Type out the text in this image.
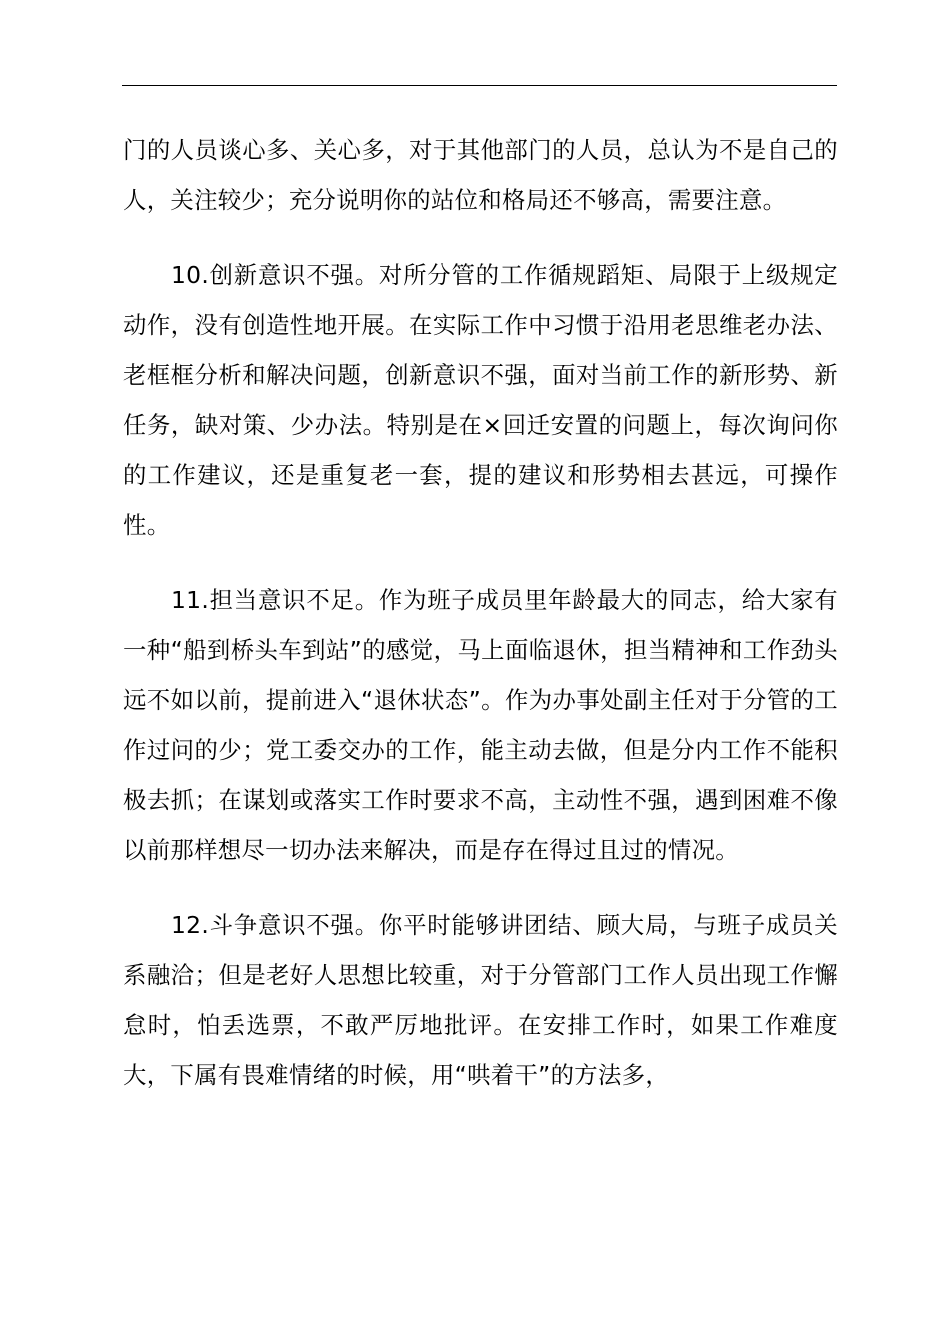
门的人员谈心多、关心多，对于其他部门的人员，总认为不是自己的人，关注较少；充分说明你的站位和格局还不够高，需要注意。

10.创新意识不强。对所分管的工作循规蹈矩、局限于上级规定动作，没有创造性地开展。在实际工作中习惯于沿用老思维老办法、老框框分析和解决问题，创新意识不强，面对当前工作的新形势、新任务，缺对策、少办法。特别是在×回迁安置的问题上，每次询问你的工作建议，还是重复老一套，提的建议和形势相去甚远，可操作性。

11.担当意识不足。作为班子成员里年龄最大的同志，给大家有一种“船到桥头车到站”的感觉，马上面临退休，担当精神和工作劲头远不如以前，提前进入“退休状态”。作为办事处副主任对于分管的工作过问的少；党工委交办的工作，能主动去做，但是分内工作不能积极去抓；在谋划或落实工作时要求不高，主动性不强，遇到困难不像以前那样想尽一切办法来解决，而是存在得过且过的情况。

12.斗争意识不强。你平时能够讲团结、顾大局，与班子成员关系融洽；但是老好人思想比较重，对于分管部门工作人员出现工作懈怠时，怕丢选票，不敢严厉地批评。在安排工作时，如果工作难度大，下属有畏难情绪的时候，用“哄着干”的方法多，
